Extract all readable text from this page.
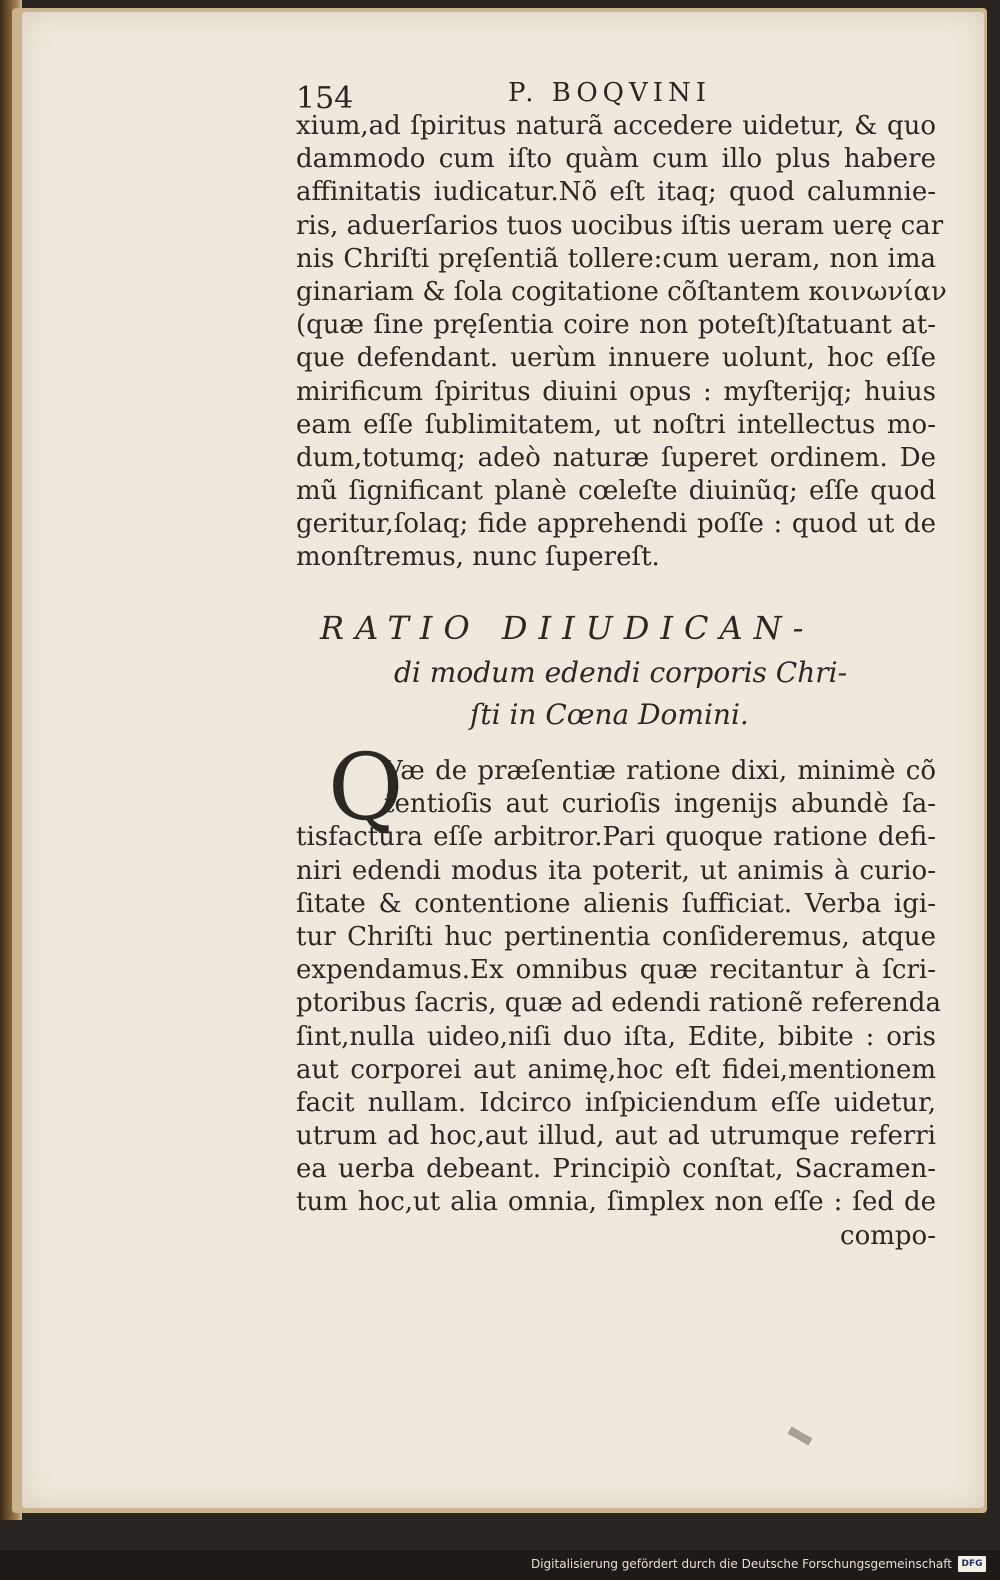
154	P. BOQVINI
xium,ad ſpiritus naturã accedere uidetur, & quo
dammodo cum iſto quàm cum illo plus habere
affinitatis iudicatur.Nõ eſt itaq; quod calumnie-
ris, aduerſarios tuos uocibus iſtis ueram uerę car
nis Chriſti pręſentiã tollere:cum ueram, non ima
ginariam & ſola cogitatione cõſtantem κοινωνίαν
(quæ ſine pręſentia coire non poteſt)ſtatuant at-
que defendant. uerùm innuere uolunt, hoc eſſe
mirificum ſpiritus diuini opus : myſterijq; huius
eam eſſe ſublimitatem, ut noſtri intellectus mo-
dum,totumq; adeò naturæ ſuperet ordinem. De
mũ ſignificant planè cœleſte diuinũq; eſſe quod
geritur,ſolaq; fide apprehendi poſſe : quod ut de
monſtremus, nunc ſupereſt.
RATIO DIIUDICAN-
di modum edendi corporis Chri-
ſti in Cœna Domini.
Q
Væ de præſentiæ ratione dixi, minimè cõ
tentioſis aut curioſis ingenijs abundè ſa-
tisfactura eſſe arbitror.Pari quoque ratione defi-
niri edendi modus ita poterit, ut animis à curio-
ſitate & contentione alienis ſufficiat. Verba igi-
tur Chriſti huc pertinentia conſideremus, atque
expendamus.Ex omnibus quæ recitantur à ſcri-
ptoribus ſacris, quæ ad edendi rationẽ referenda
ſint,nulla uideo,niſi duo iſta, Edite, bibite : oris
aut corporei aut animę,hoc eſt fidei,mentionem
facit nullam. Idcirco inſpiciendum eſſe uidetur,
utrum ad hoc,aut illud, aut ad utrumque referri
ea uerba debeant. Principiò conſtat, Sacramen-
tum hoc,ut alia omnia, ſimplex non eſſe : ſed de
compo-
Digitalisierung gefördert durch die Deutsche Forschungsgemeinschaft	DFG
